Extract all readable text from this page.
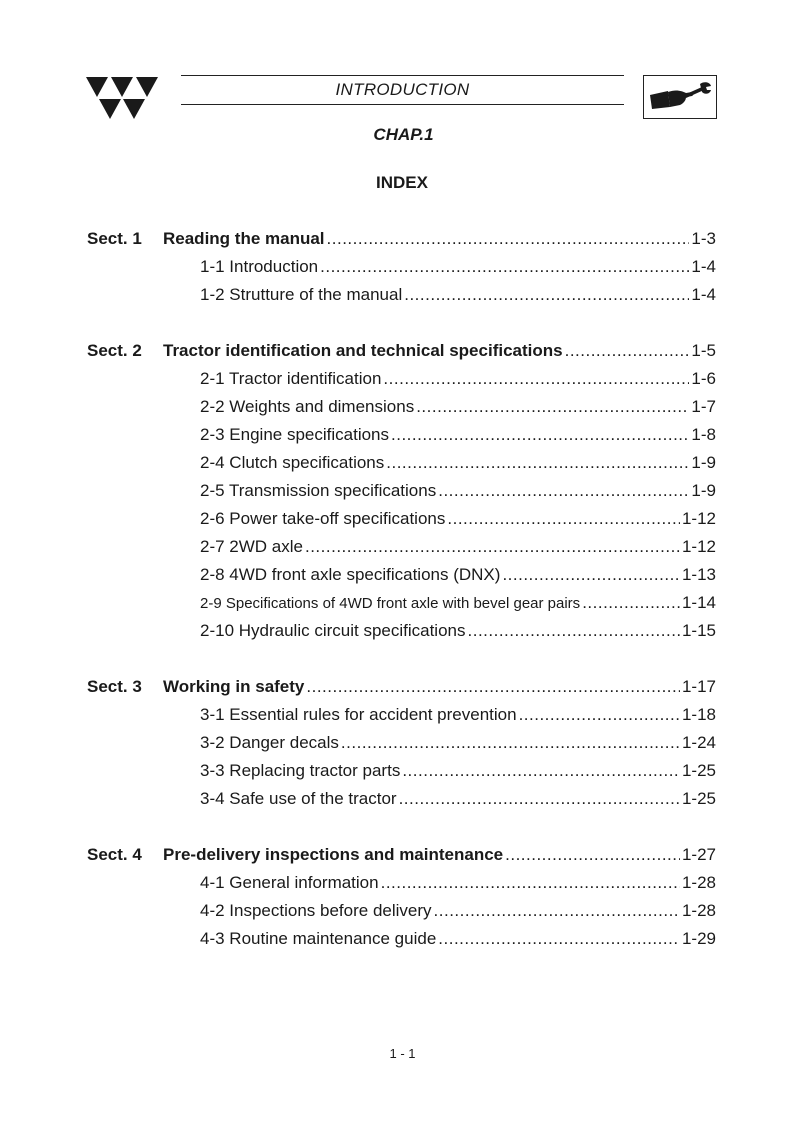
INTRODUCTION
CHAP.1
INDEX
Sect. 1	Reading the manual .....	1-3
1-1 Introduction .....	1-4
1-2 Strutture of the manual .....	1-4
Sect. 2	Tractor identification and technical specifications .....	1-5
2-1 Tractor identification .....	1-6
2-2 Weights and dimensions .....	1-7
2-3 Engine specifications .....	1-8
2-4 Clutch specifications .....	1-9
2-5 Transmission specifications .....	1-9
2-6 Power take-off specifications .....	1-12
2-7 2WD axle .....	1-12
2-8 4WD front axle specifications (DNX) .....	1-13
2-9 Specifications of 4WD front axle with bevel gear pairs .....	1-14
2-10 Hydraulic circuit specifications .....	1-15
Sect. 3	Working in safety .....	1-17
3-1 Essential rules for accident prevention .....	1-18
3-2 Danger decals .....	1-24
3-3 Replacing tractor parts .....	1-25
3-4 Safe use of the tractor .....	1-25
Sect. 4	Pre-delivery inspections and maintenance .....	1-27
4-1 General information .....	1-28
4-2 Inspections before delivery .....	1-28
4-3 Routine maintenance guide .....	1-29
1 - 1
